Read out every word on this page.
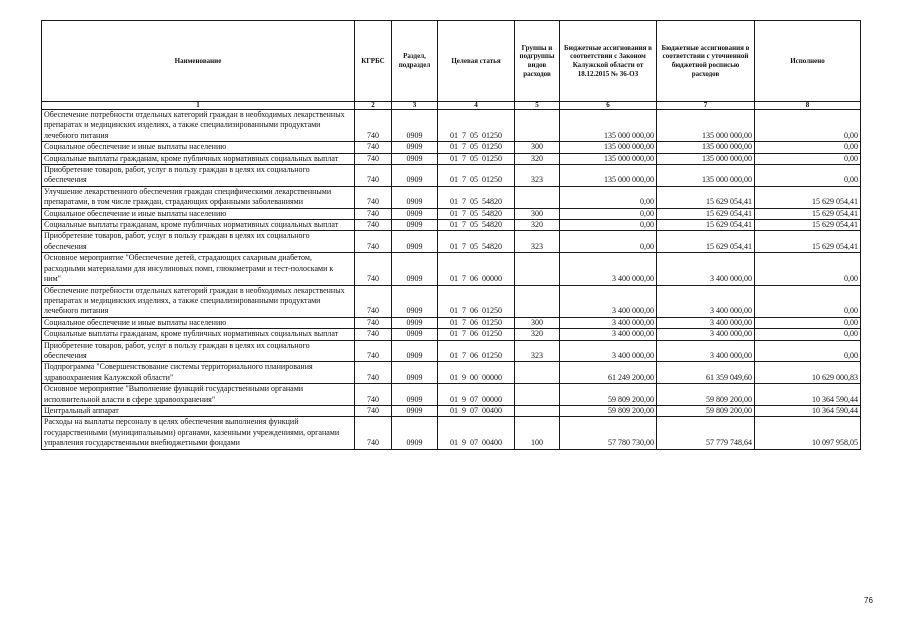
Наименование	КГРБС	Раздел, подраздел	Целевая статья	Группы и подгруппы видов расходов	Бюджетные ассигнования в соответствии с Законом Калужской области от 18.12.2015 № 36-ОЗ	Бюджетные ассигнования в соответствии с уточненной бюджетной росписью расходов	Исполнено
1	2	3	4	5	6	7	8
Обеспечение потребности отдельных категорий граждан в необходимых лекарственных препаратах и медицинских изделиях, а также специализированными продуктами лечебного питания	740	0909	01 7 05 01250		135 000 000,00	135 000 000,00	0,00
Социальное обеспечение и иные выплаты населению	740	0909	01 7 05 01250	300	135 000 000,00	135 000 000,00	0,00
Социальные выплаты гражданам, кроме публичных нормативных социальных выплат	740	0909	01 7 05 01250	320	135 000 000,00	135 000 000,00	0,00
Приобретение товаров, работ, услуг в пользу граждан в целях их социального обеспечения	740	0909	01 7 05 01250	323	135 000 000,00	135 000 000,00	0,00
Улучшение лекарственного обеспечения граждан специфическими лекарственными препаратами, в том числе граждан, страдающих орфанными заболеваниями	740	0909	01 7 05 54820		0,00	15 629 054,41	15 629 054,41
Социальное обеспечение и иные выплаты населению	740	0909	01 7 05 54820	300	0,00	15 629 054,41	15 629 054,41
Социальные выплаты гражданам, кроме публичных нормативных социальных выплат	740	0909	01 7 05 54820	320	0,00	15 629 054,41	15 629 054,41
Приобретение товаров, работ, услуг в пользу граждан в целях их социального обеспечения	740	0909	01 7 05 54820	323	0,00	15 629 054,41	15 629 054,41
Основное мероприятие "Обеспечение детей, страдающих сахарным диабетом, расходными материалами для инсулиновых помп, глюкометрами и тест-полосками к ним"	740	0909	01 7 06 00000		3 400 000,00	3 400 000,00	0,00
Обеспечение потребности отдельных категорий граждан в необходимых лекарственных препаратах и медицинских изделиях, а также специализированными продуктами лечебного питания	740	0909	01 7 06 01250		3 400 000,00	3 400 000,00	0,00
Социальное обеспечение и иные выплаты населению	740	0909	01 7 06 01250	300	3 400 000,00	3 400 000,00	0,00
Социальные выплаты гражданам, кроме публичных нормативных социальных выплат	740	0909	01 7 06 01250	320	3 400 000,00	3 400 000,00	0,00
Приобретение товаров, работ, услуг в пользу граждан в целях их социального обеспечения	740	0909	01 7 06 01250	323	3 400 000,00	3 400 000,00	0,00
Подпрограмма "Совершенствование системы территориального планирования здравоохранения Калужской области"	740	0909	01 9 00 00000		61 249 200,00	61 359 049,60	10 629 000,83
Основное мероприятие "Выполнение функций государственными органами исполнительной власти в сфере здравоохранения"	740	0909	01 9 07 00000		59 809 200,00	59 809 200,00	10 364 590,44
Центральный аппарат	740	0909	01 9 07 00400		59 809 200,00	59 809 200,00	10 364 590,44
Расходы на выплаты персоналу в целях обеспечения выполнения функций государственными (муниципальными) органами, казенными учреждениями, органами управления государственными внебюджетными фондами	740	0909	01 9 07 00400	100	57 780 730,00	57 779 748,64	10 097 958,05
76
